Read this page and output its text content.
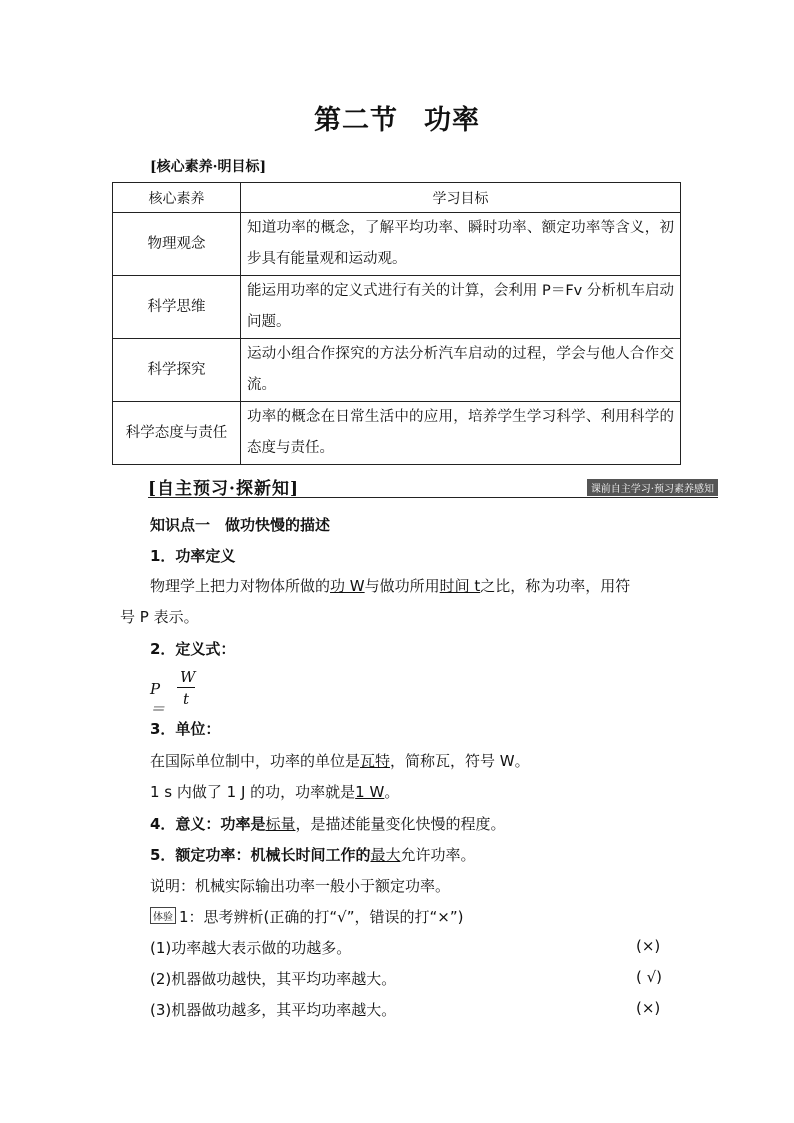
第二节 功率
[核心素养·明目标]
核心素养	学习目标
物理观念	知道功率的概念，了解平均功率、瞬时功率、额定功率等含义，初步具有能量观和运动观。
科学思维	能运用功率的定义式进行有关的计算，会利用 P＝Fv 分析机车启动问题。
科学探究	运动小组合作探究的方法分析汽车启动的过程，学会与他人合作交流。
科学态度与责任	功率的概念在日常生活中的应用，培养学生学习科学、利用科学的态度与责任。
[自主预习·探新知]	课前自主学习·预习素养感知
知识点一　做功快慢的描述
1．功率定义
物理学上把力对物体所做的功 W与做功所用时间 t之比，称为功率，用符
号 P 表示。
2．定义式：
P＝
W
t
3．单位：
在国际单位制中，功率的单位是瓦特，简称瓦，符号 W。
1 s 内做了 1 J 的功，功率就是1 W。
4．意义：功率是标量，是描述能量变化快慢的程度。
5．额定功率：机械长时间工作的最大允许功率。
说明：机械实际输出功率一般小于额定功率。
体验 1：思考辨析(正确的打“√”，错误的打“×”)
(1)功率越大表示做的功越多。	(×)
(2)机器做功越快，其平均功率越大。	( √)
(3)机器做功越多，其平均功率越大。	(×)
